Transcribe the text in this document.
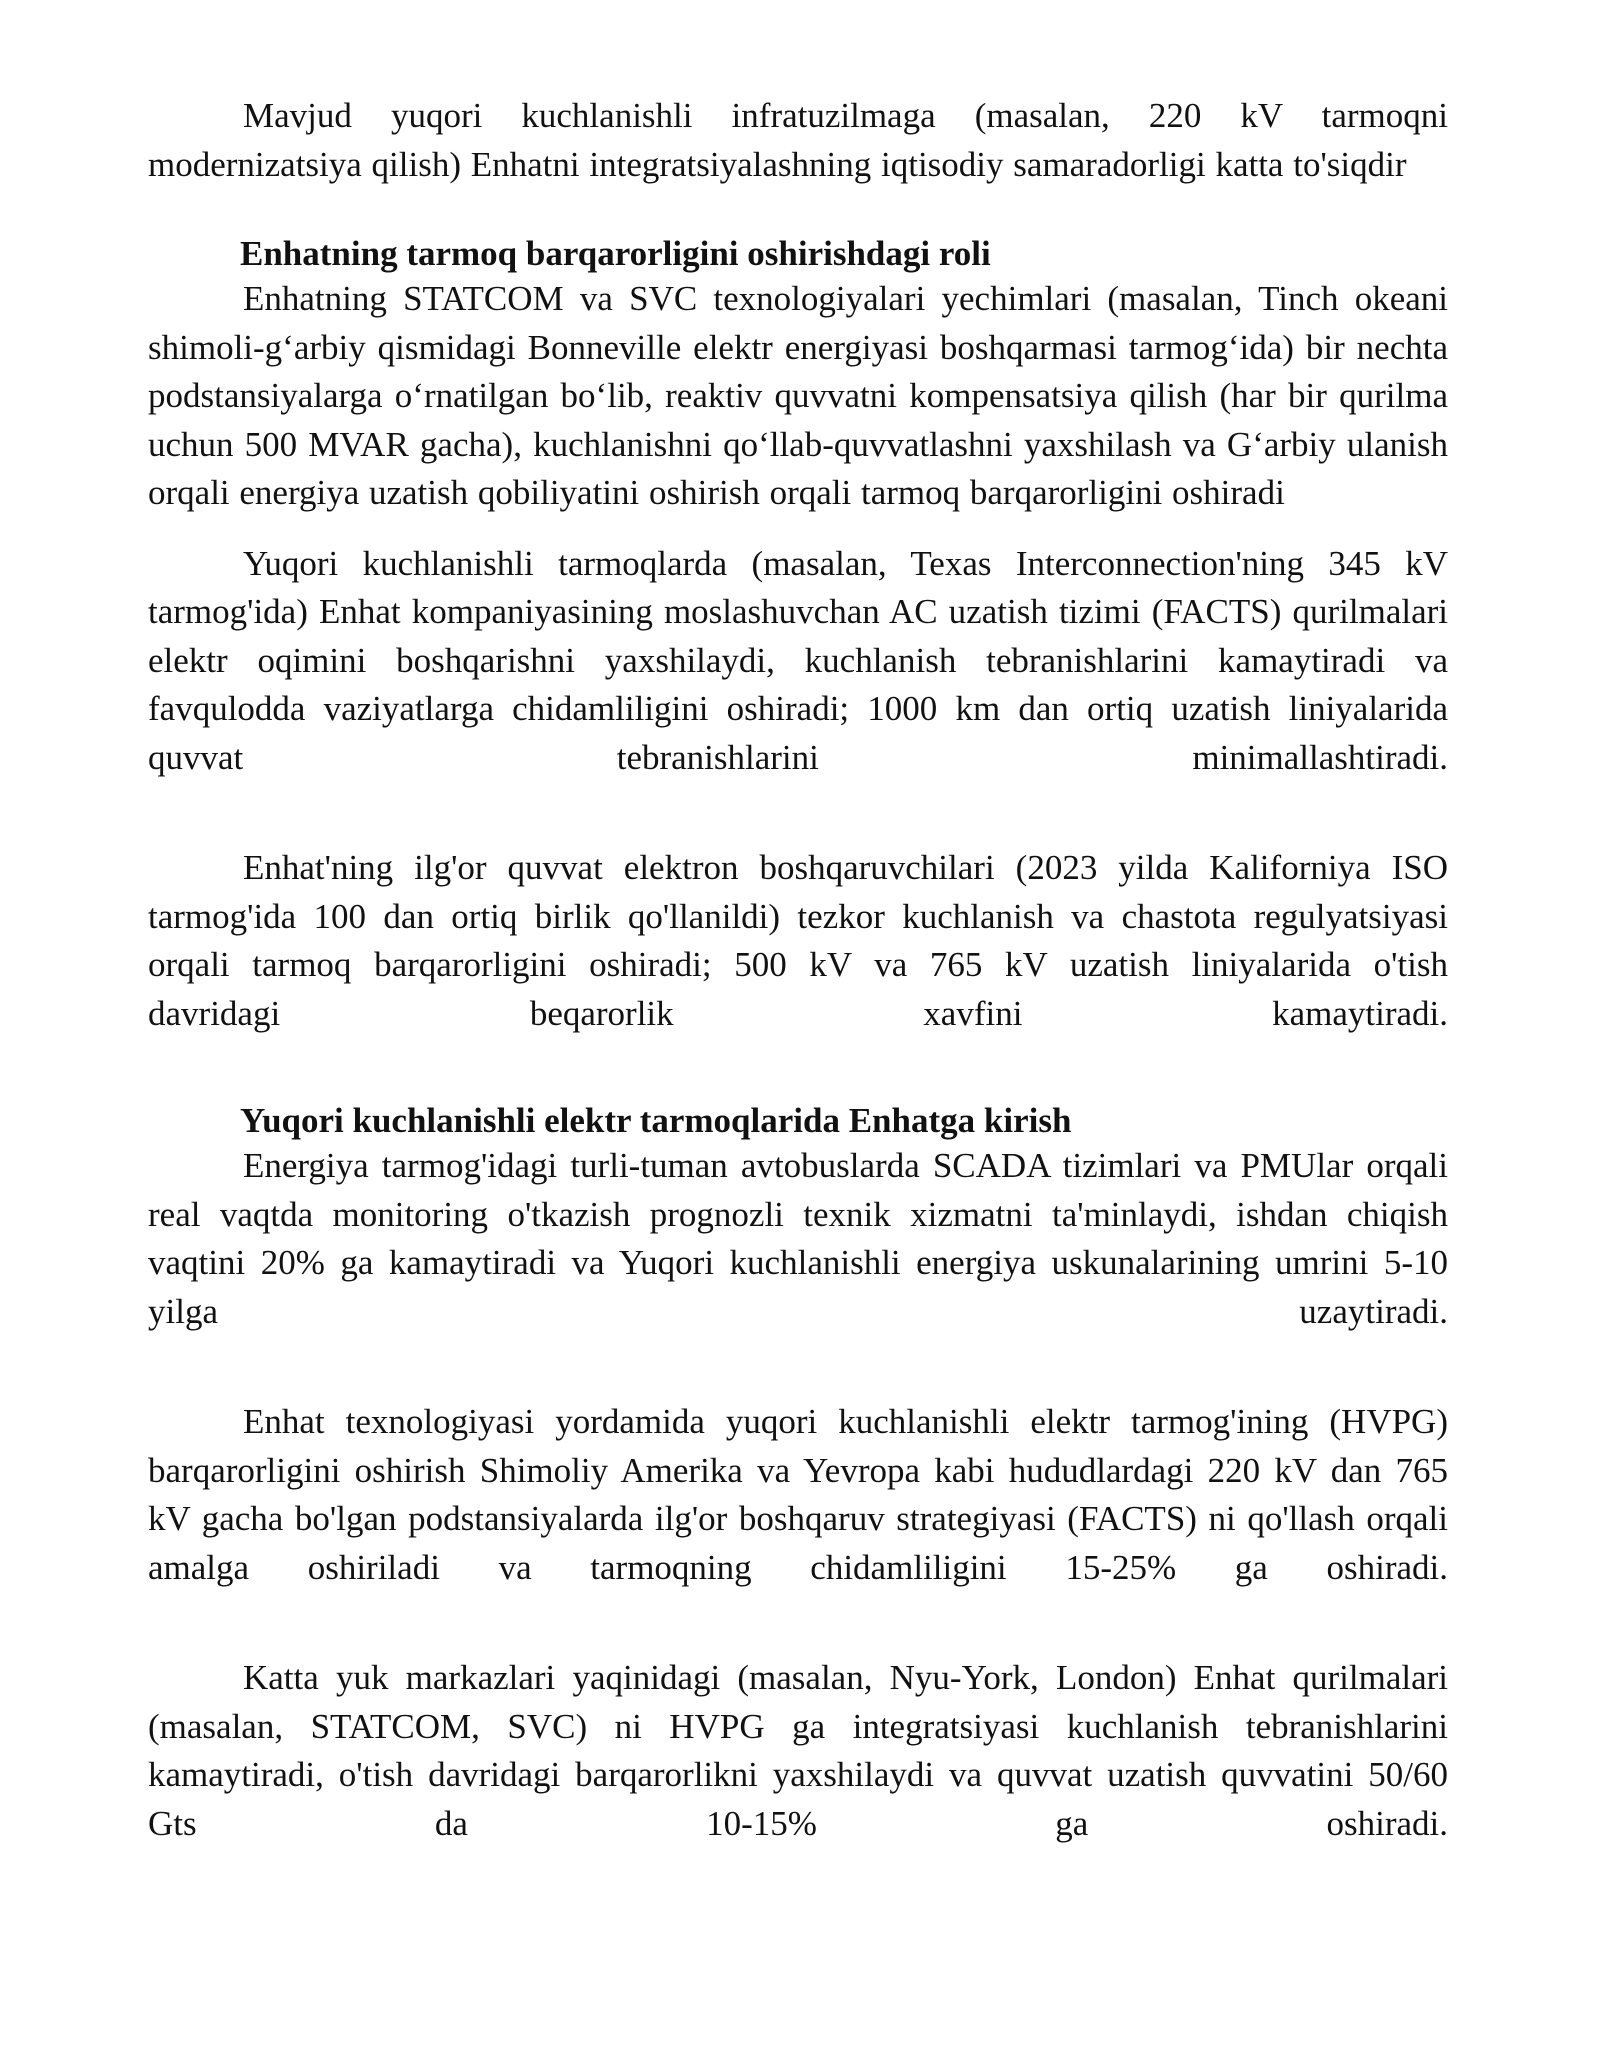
Mavjud yuqori kuchlanishli infratuzilmaga (masalan, 220 kV tarmoqni modernizatsiya qilish) Enhatni integratsiyalashning iqtisodiy samaradorligi katta to'siqdir

Enhatning tarmoq barqarorligini oshirishdagi roli

Enhatning STATCOM va SVC texnologiyalari yechimlari (masalan, Tinch okeani shimoli-g‘arbiy qismidagi Bonneville elektr energiyasi boshqarmasi tarmog‘ida) bir nechta podstansiyalarga o‘rnatilgan bo‘lib, reaktiv quvvatni kompensatsiya qilish (har bir qurilma uchun 500 MVAR gacha), kuchlanishni qo‘llab-quvvatlashni yaxshilash va G‘arbiy ulanish orqali energiya uzatish qobiliyatini oshirish orqali tarmoq barqarorligini oshiradi

Yuqori kuchlanishli tarmoqlarda (masalan, Texas Interconnection'ning 345 kV tarmog'ida) Enhat kompaniyasining moslashuvchan AC uzatish tizimi (FACTS) qurilmalari elektr oqimini boshqarishni yaxshilaydi, kuchlanish tebranishlarini kamaytiradi va favqulodda vaziyatlarga chidamliligini oshiradi; 1000 km dan ortiq uzatish liniyalarida quvvat tebranishlarini minimallashtiradi.

Enhat'ning ilg'or quvvat elektron boshqaruvchilari (2023 yilda Kaliforniya ISO tarmog'ida 100 dan ortiq birlik qo'llanildi) tezkor kuchlanish va chastota regulyatsiyasi orqali tarmoq barqarorligini oshiradi; 500 kV va 765 kV uzatish liniyalarida o'tish davridagi beqarorlik xavfini kamaytiradi.

Yuqori kuchlanishli elektr tarmoqlarida Enhatga kirish

Energiya tarmog'idagi turli-tuman avtobuslarda SCADA tizimlari va PMUlar orqali real vaqtda monitoring o'tkazish prognozli texnik xizmatni ta'minlaydi, ishdan chiqish vaqtini 20% ga kamaytiradi va Yuqori kuchlanishli energiya uskunalarining umrini 5-10 yilga uzaytiradi.

Enhat texnologiyasi yordamida yuqori kuchlanishli elektr tarmog'ining (HVPG) barqarorligini oshirish Shimoliy Amerika va Yevropa kabi hududlardagi 220 kV dan 765 kV gacha bo'lgan podstansiyalarda ilg'or boshqaruv strategiyasi (FACTS) ni qo'llash orqali amalga oshiriladi va tarmoqning chidamliligini 15-25% ga oshiradi.

Katta yuk markazlari yaqinidagi (masalan, Nyu-York, London) Enhat qurilmalari (masalan, STATCOM, SVC) ni HVPG ga integratsiyasi kuchlanish tebranishlarini kamaytiradi, o'tish davridagi barqarorlikni yaxshilaydi va quvvat uzatish quvvatini 50/60 Gts da 10-15% ga oshiradi.
